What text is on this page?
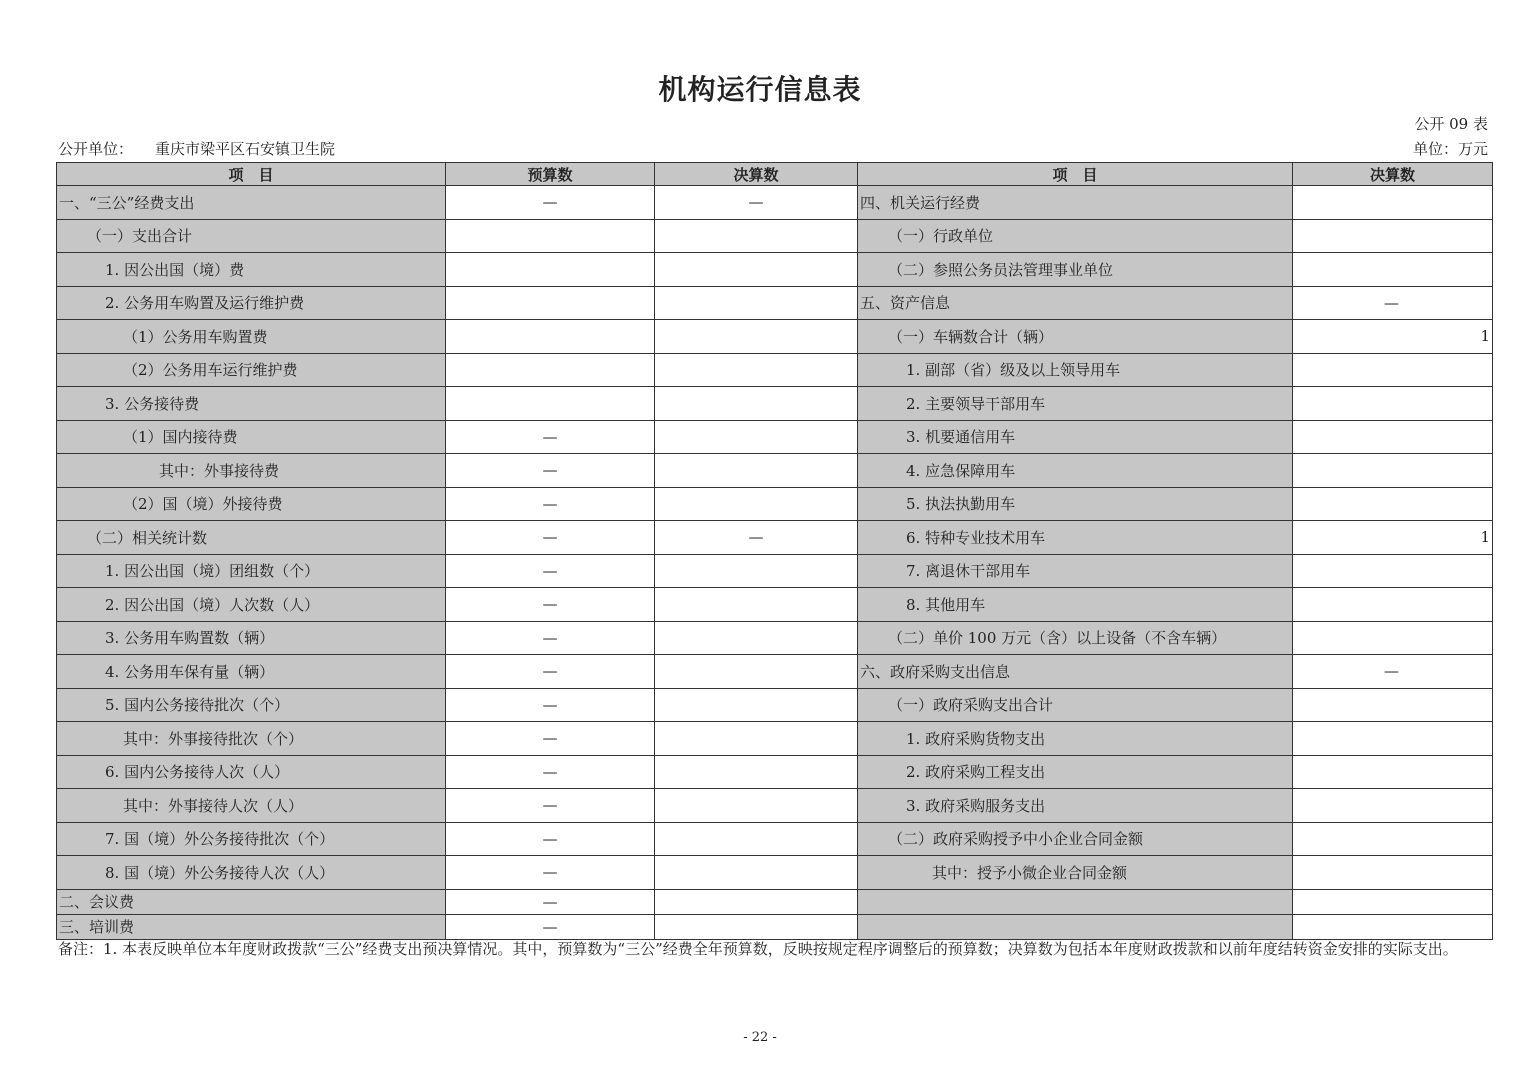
机构运行信息表
公开 09 表
公开单位： 重庆市梁平区石安镇卫生院	单位：万元
项　目	预算数	决算数	项　目	决算数
一、“三公”经费支出	—	—	四、机关运行经费	
（一）支出合计			（一）行政单位	
1. 因公出国（境）费			（二）参照公务员法管理事业单位	
2. 公务用车购置及运行维护费			五、资产信息	—
（1）公务用车购置费			（一）车辆数合计（辆）	1
（2）公务用车运行维护费			1. 副部（省）级及以上领导用车	
3. 公务接待费			2. 主要领导干部用车	
（1）国内接待费	—		3. 机要通信用车	
其中：外事接待费	—		4. 应急保障用车	
（2）国（境）外接待费	—		5. 执法执勤用车	
（二）相关统计数	—	—	6. 特种专业技术用车	1
1. 因公出国（境）团组数（个）	—		7. 离退休干部用车	
2. 因公出国（境）人次数（人）	—		8. 其他用车	
3. 公务用车购置数（辆）	—		（二）单价 100 万元（含）以上设备（不含车辆）	
4. 公务用车保有量（辆）	—		六、政府采购支出信息	—
5. 国内公务接待批次（个）	—		（一）政府采购支出合计	
其中：外事接待批次（个）	—		1. 政府采购货物支出	
6. 国内公务接待人次（人）	—		2. 政府采购工程支出	
其中：外事接待人次（人）	—		3. 政府采购服务支出	
7. 国（境）外公务接待批次（个）	—		（二）政府采购授予中小企业合同金额	
8. 国（境）外公务接待人次（人）	—		其中：授予小微企业合同金额	
二、会议费	—			
三、培训费	—			
备注：1. 本表反映单位本年度财政拨款“三公”经费支出预决算情况。其中，预算数为“三公”经费全年预算数，反映按规定程序调整后的预算数；决算数为包括本年度财政拨款和以前年度结转资金安排的实际支出。
- 22 -
